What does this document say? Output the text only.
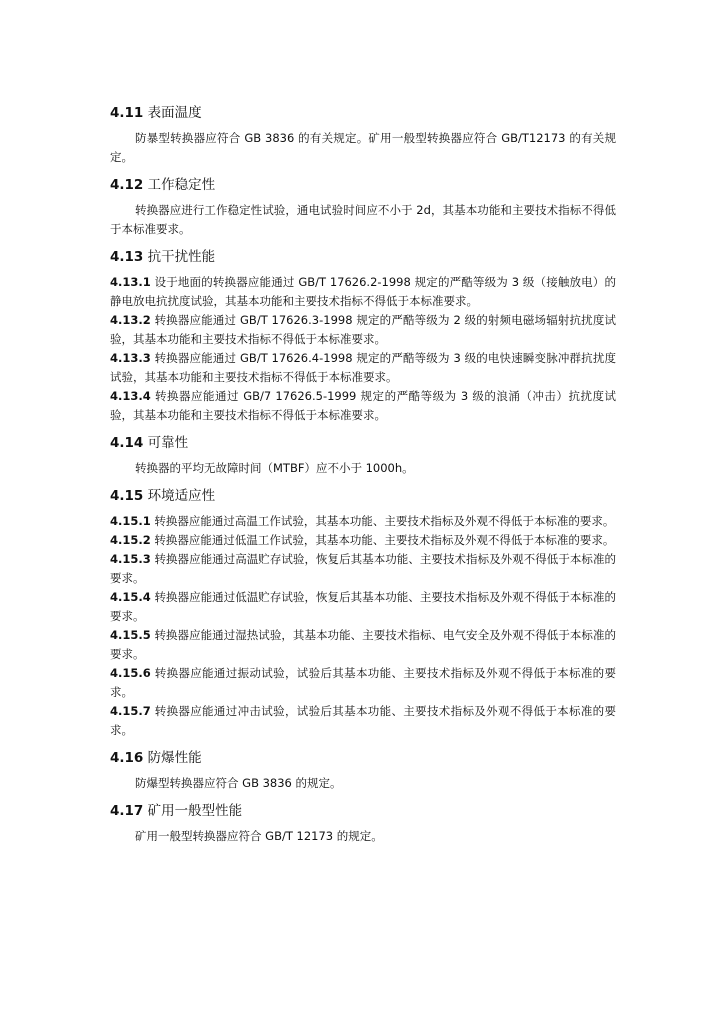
4.11 表面温度

防暴型转换器应符合 GB 3836 的有关规定。矿用一般型转换器应符合 GB/T12173 的有关规定。

4.12 工作稳定性

转换器应进行工作稳定性试验，通电试验时间应不小于 2d，其基本功能和主要技术指标不得低于本标准要求。

4.13 抗干扰性能

4.13.1 设于地面的转换器应能通过 GB/T 17626.2-1998 规定的严酷等级为 3 级（接触放电）的静电放电抗扰度试验，其基本功能和主要技术指标不得低于本标准要求。

4.13.2 转换器应能通过 GB/T 17626.3-1998 规定的严酷等级为 2 级的射频电磁场辐射抗扰度试验，其基本功能和主要技术指标不得低于本标准要求。

4.13.3 转换器应能通过 GB/T 17626.4-1998 规定的严酷等级为 3 级的电快速瞬变脉冲群抗扰度试验，其基本功能和主要技术指标不得低于本标准要求。

4.13.4 转换器应能通过 GB/7 17626.5-1999 规定的严酷等级为 3 级的浪涌（冲击）抗扰度试验，其基本功能和主要技术指标不得低于本标准要求。

4.14 可靠性

转换器的平均无故障时间（MTBF）应不小于 1000h。

4.15 环境适应性

4.15.1 转换器应能通过高温工作试验，其基本功能、主要技术指标及外观不得低于本标准的要求。

4.15.2 转换器应能通过低温工作试验，其基本功能、主要技术指标及外观不得低于本标准的要求。

4.15.3 转换器应能通过高温贮存试验，恢复后其基本功能、主要技术指标及外观不得低于本标准的要求。

4.15.4 转换器应能通过低温贮存试验，恢复后其基本功能、主要技术指标及外观不得低于本标准的要求。

4.15.5 转换器应能通过湿热试验，其基本功能、主要技术指标、电气安全及外观不得低于本标准的要求。

4.15.6 转换器应能通过振动试验，试验后其基本功能、主要技术指标及外观不得低于本标准的要求。

4.15.7 转换器应能通过冲击试验，试验后其基本功能、主要技术指标及外观不得低于本标准的要求。

4.16 防爆性能

防爆型转换器应符合 GB 3836 的规定。

4.17 矿用一般型性能

矿用一般型转换器应符合 GB/T 12173 的规定。
